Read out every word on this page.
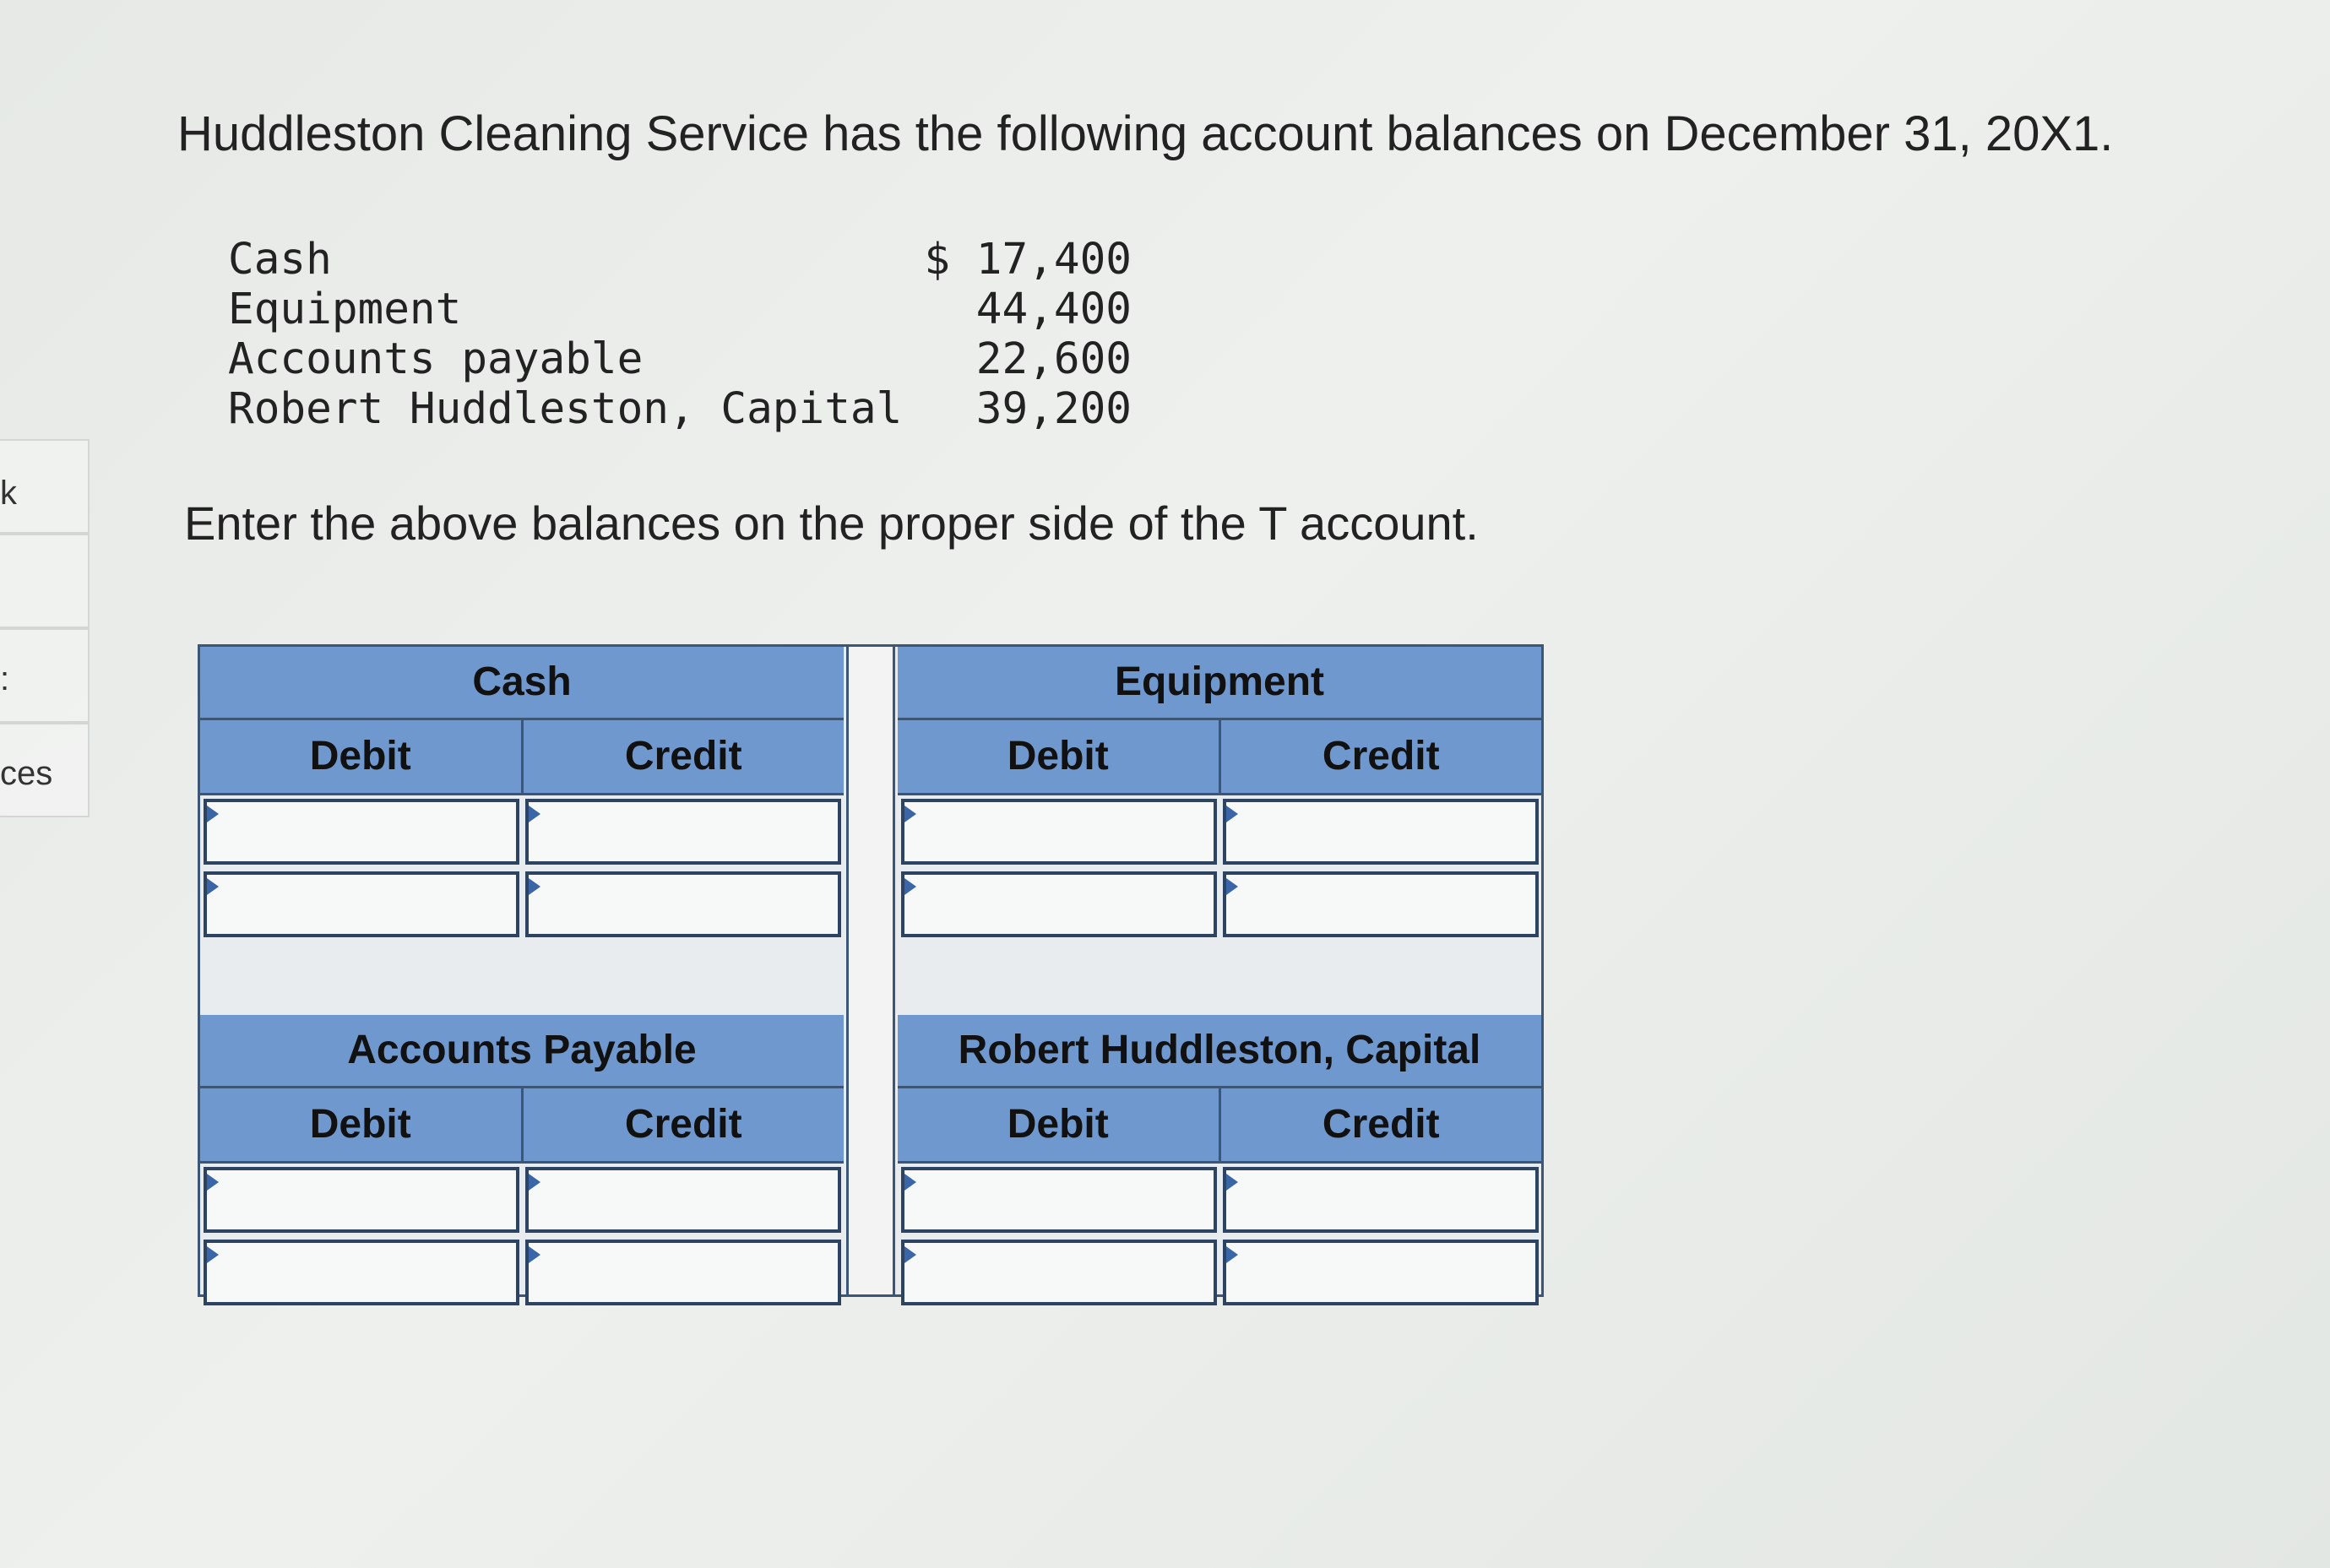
k
:
ces
Huddleston Cleaning Service has the following account balances on December 31, 20X1.
Cash	$ 17,400
Equipment	44,400
Accounts payable	22,600
Robert Huddleston, Capital 39,200
Enter the above balances on the proper side of the T account.
Cash
Debit	Credit
Equipment
Debit	Credit
Accounts Payable
Debit	Credit
Robert Huddleston, Capital
Debit	Credit
